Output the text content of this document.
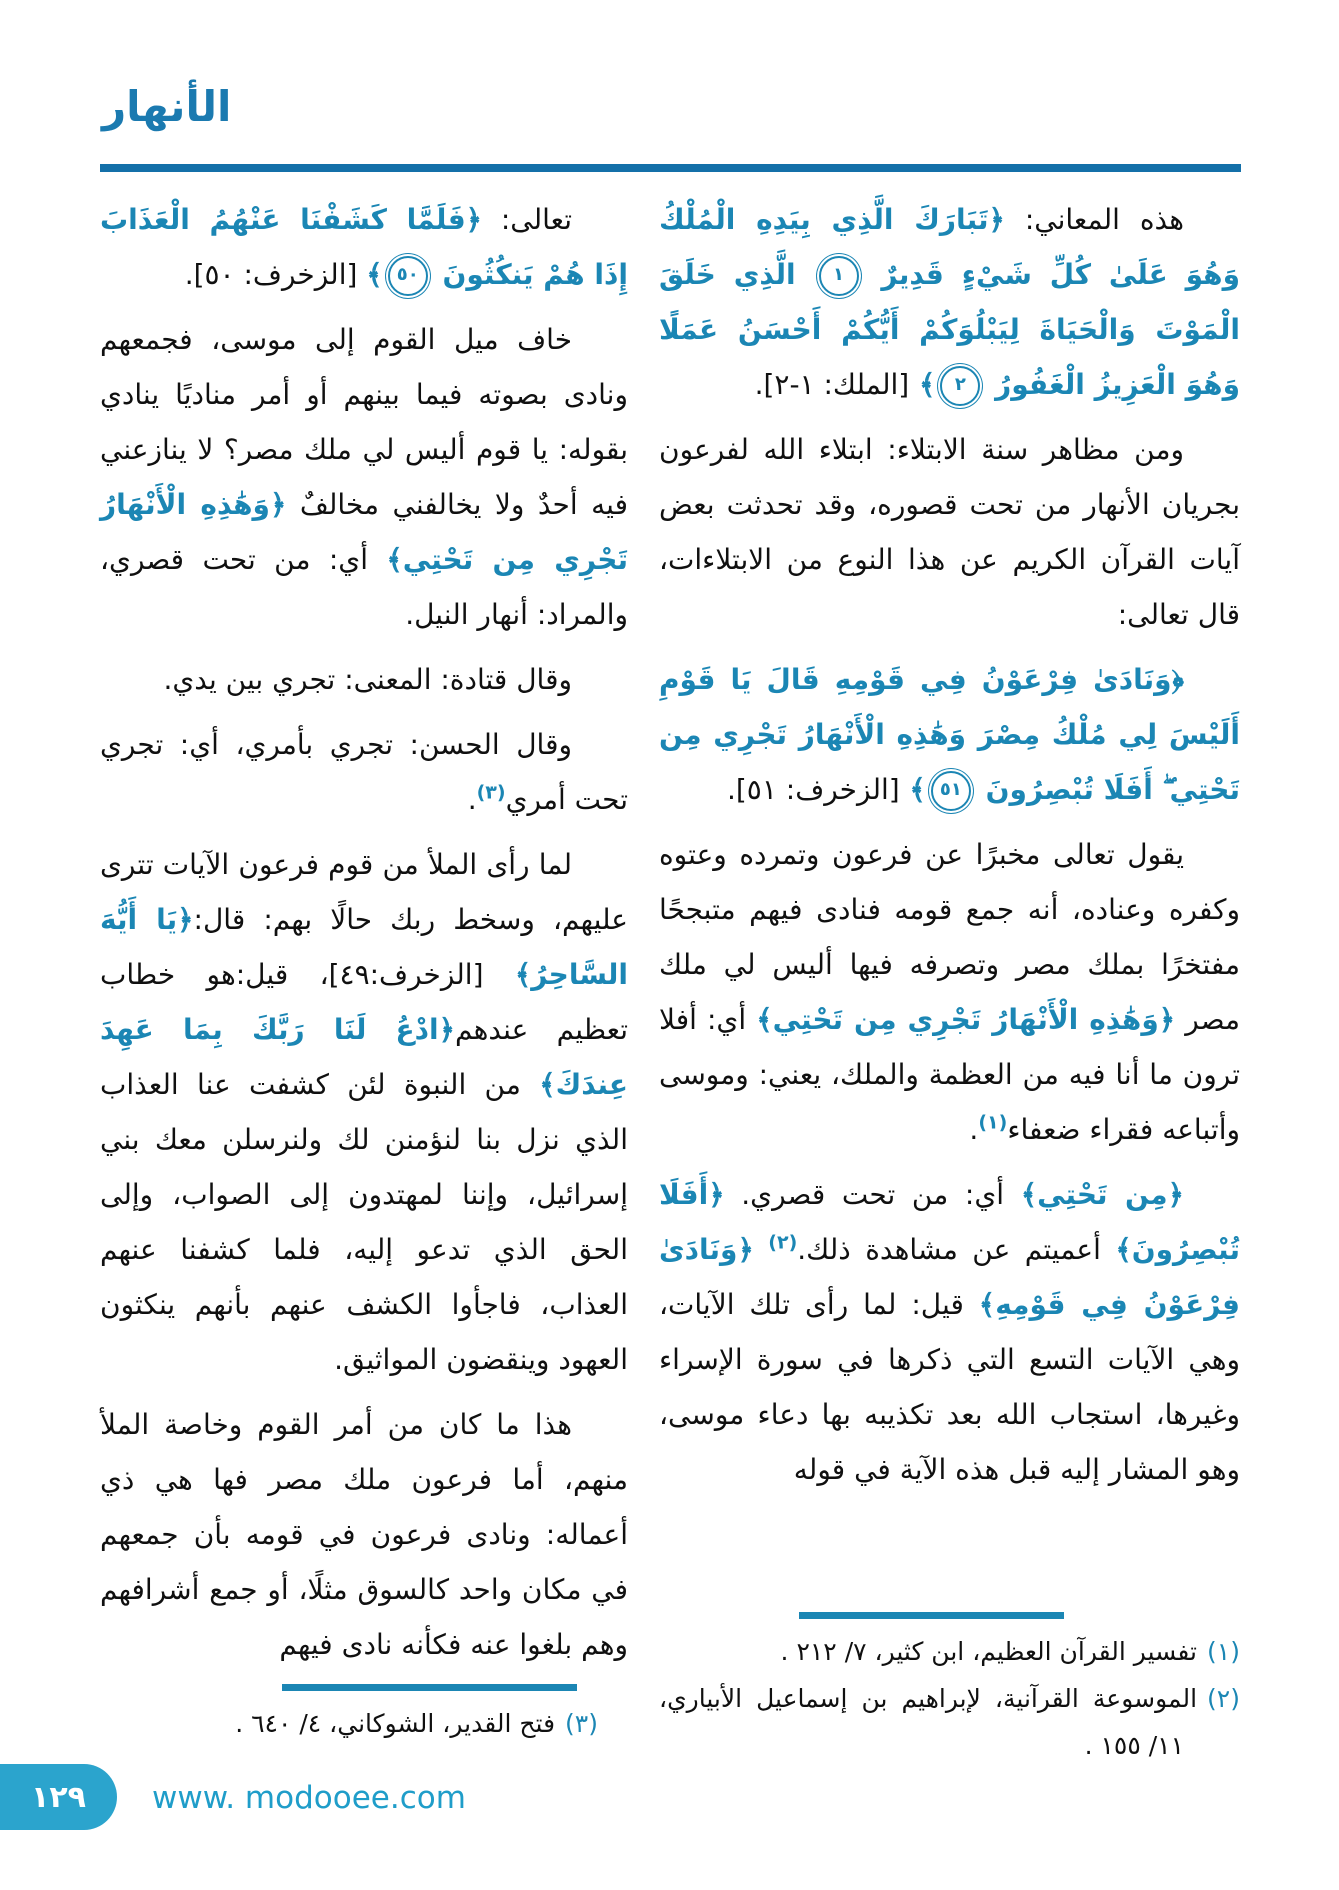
الأنهار

هذه المعاني: ﴿تَبَارَكَ الَّذِي بِيَدِهِ الْمُلْكُ وَهُوَ عَلَىٰ كُلِّ شَيْءٍ قَدِيرٌ ١ الَّذِي خَلَقَ الْمَوْتَ وَالْحَيَاةَ لِيَبْلُوَكُمْ أَيُّكُمْ أَحْسَنُ عَمَلًا وَهُوَ الْعَزِيزُ الْغَفُورُ ٢﴾ [الملك: ١-٢].

ومن مظاهر سنة الابتلاء: ابتلاء الله لفرعون بجريان الأنهار من تحت قصوره، وقد تحدثت بعض آيات القرآن الكريم عن هذا النوع من الابتلاءات، قال تعالى:

﴿وَنَادَىٰ فِرْعَوْنُ فِي قَوْمِهِ قَالَ يَا قَوْمِ أَلَيْسَ لِي مُلْكُ مِصْرَ وَهَٰذِهِ الْأَنْهَارُ تَجْرِي مِن تَحْتِي ۖ أَفَلَا تُبْصِرُونَ ٥١﴾ [الزخرف: ٥١].

يقول تعالى مخبرًا عن فرعون وتمرده وعتوه وكفره وعناده، أنه جمع قومه فنادى فيهم متبجحًا مفتخرًا بملك مصر وتصرفه فيها أليس لي ملك مصر ﴿وَهَٰذِهِ الْأَنْهَارُ تَجْرِي مِن تَحْتِي﴾ أي: أفلا ترون ما أنا فيه من العظمة والملك، يعني: وموسى وأتباعه فقراء ضعفاء$^{(١)}$.

﴿مِن تَحْتِي﴾ أي: من تحت قصري. ﴿أَفَلَا تُبْصِرُونَ﴾ أعميتم عن مشاهدة ذلك.$^{(٢)}$ ﴿وَنَادَىٰ فِرْعَوْنُ فِي قَوْمِهِ﴾ قيل: لما رأى تلك الآيات، وهي الآيات التسع التي ذكرها في سورة الإسراء وغيرها، استجاب الله بعد تكذيبه بها دعاء موسى، وهو المشار إليه قبل هذه الآية في قوله

تعالى: ﴿فَلَمَّا كَشَفْنَا عَنْهُمُ الْعَذَابَ إِذَا هُمْ يَنكُثُونَ ٥٠﴾ [الزخرف: ٥٠].

خاف ميل القوم إلى موسى، فجمعهم ونادى بصوته فيما بينهم أو أمر مناديًا ينادي بقوله: يا قوم أليس لي ملك مصر؟ لا ينازعني فيه أحدٌ ولا يخالفني مخالفٌ ﴿وَهَٰذِهِ الْأَنْهَارُ تَجْرِي مِن تَحْتِي﴾ أي: من تحت قصري، والمراد: أنهار النيل.

وقال قتادة: المعنى: تجري بين يدي.

وقال الحسن: تجري بأمري، أي: تجري تحت أمري$^{(٣)}$.

لما رأى الملأ من قوم فرعون الآيات تترى عليهم، وسخط ربك حالًا بهم: قال:﴿يَا أَيُّهَ السَّاحِرُ﴾ [الزخرف:٤٩]، قيل:هو خطاب تعظيم عندهم﴿ادْعُ لَنَا رَبَّكَ بِمَا عَهِدَ عِندَكَ﴾ من النبوة لئن كشفت عنا العذاب الذي نزل بنا لنؤمنن لك ولنرسلن معك بني إسرائيل، وإننا لمهتدون إلى الصواب، وإلى الحق الذي تدعو إليه، فلما كشفنا عنهم العذاب، فاجأوا الكشف عنهم بأنهم ينكثون العهود وينقضون المواثيق.

هذا ما كان من أمر القوم وخاصة الملأ منهم، أما فرعون ملك مصر فها هي ذي أعماله: ونادى فرعون في قومه بأن جمعهم في مكان واحد كالسوق مثلًا، أو جمع أشرافهم وهم بلغوا عنه فكأنه نادى فيهم	(١)تفسير القرآن العظيم، ابن كثير، ٧/ ٢١٢ .
(٢)الموسوعة القرآنية، لإبراهيم بن إسماعيل الأبياري، ١١/ ١٥٥ .
(٣)فتح القدير، الشوكاني، ٤/ ٦٤٠ .
١٢٩ www. modooee.com
